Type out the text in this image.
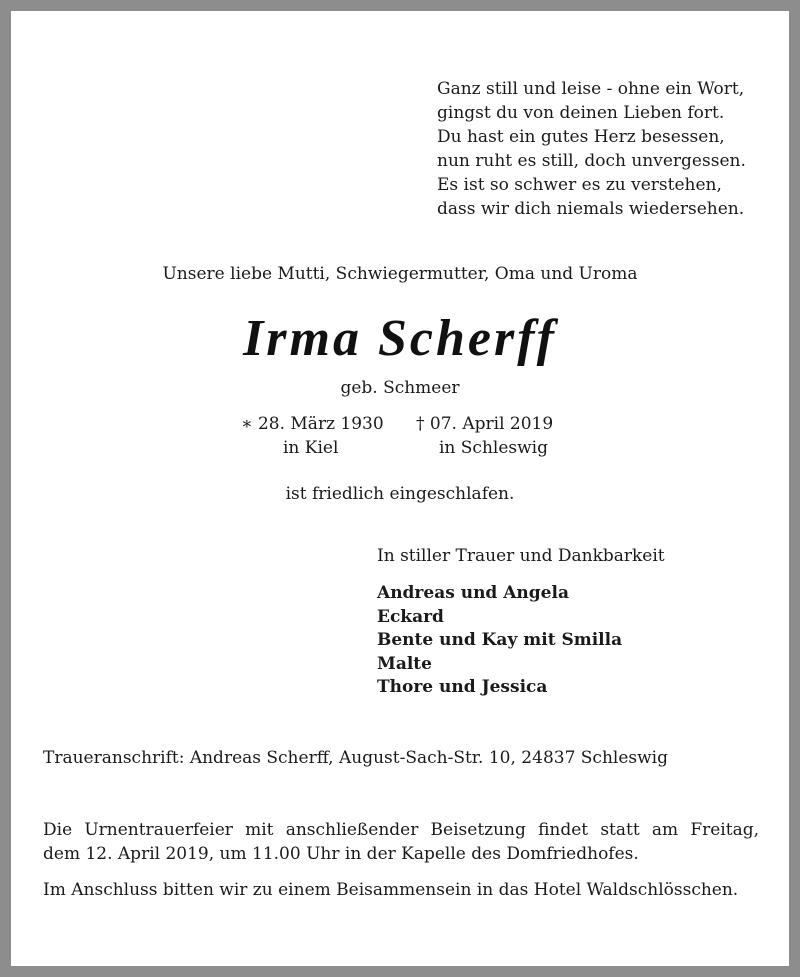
Ganz still und leise - ohne ein Wort,
gingst du von deinen Lieben fort.
Du hast ein gutes Herz besessen,
nun ruht es still, doch unvergessen.
Es ist so schwer es zu verstehen,
dass wir dich niemals wiedersehen.
Unsere liebe Mutti, Schwiegermutter, Oma und Uroma
Irma Scherff
geb. Schmeer
∗ 28. März 1930 † 07. April 2019
in Kiel	in Schleswig
ist friedlich eingeschlafen.
In stiller Trauer und Dankbarkeit
Andreas und Angela
Eckard
Bente und Kay mit Smilla
Malte
Thore und Jessica
Traueranschrift: Andreas Scherff, August-Sach-Str. 10, 24837 Schleswig
Die Urnentrauerfeier mit anschließender Beisetzung findet statt am Freitag,
dem 12. April 2019, um 11.00 Uhr in der Kapelle des Domfriedhofes.
Im Anschluss bitten wir zu einem Beisammensein in das Hotel Waldschlösschen.
